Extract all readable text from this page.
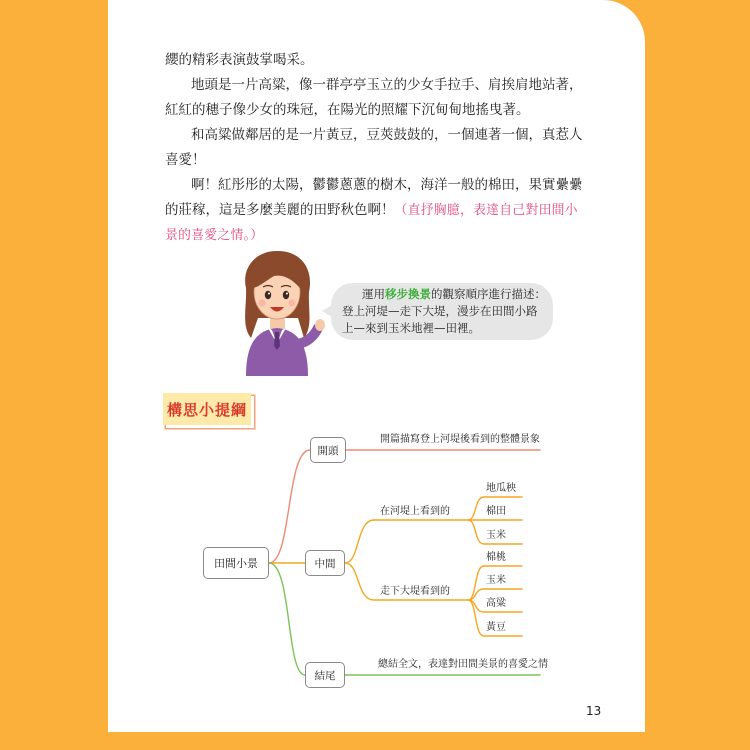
纓的精彩表演鼓掌喝采。
地頭是一片高粱，像一群亭亭玉立的少女手拉手、肩挨肩地站著，
紅紅的穗子像少女的珠冠，在陽光的照耀下沉甸甸地搖曳著。
和高粱做鄰居的是一片黃豆，豆莢鼓鼓的，一個連著一個，真惹人
喜愛！
啊！紅彤彤的太陽，鬱鬱蔥蔥的樹木，海洋一般的棉田，果實纍纍
的莊稼，這是多麼美麗的田野秋色啊！（直抒胸臆，表達自己對田間小
景的喜愛之情。）
運用移步換景的觀察順序進行描述：
登上河堤—走下大堤，漫步在田間小路
上—來到玉米地裡—田裡。
構思小提綱
田間小景
開頭
中間
結尾
開篇描寫登上河堤後看到的整體景象
總結全文，表達對田間美景的喜愛之情
在河堤上看到的
走下大堤看到的
地瓜秧
棉田
玉米
棉桃
玉米
高粱
黃豆
13
